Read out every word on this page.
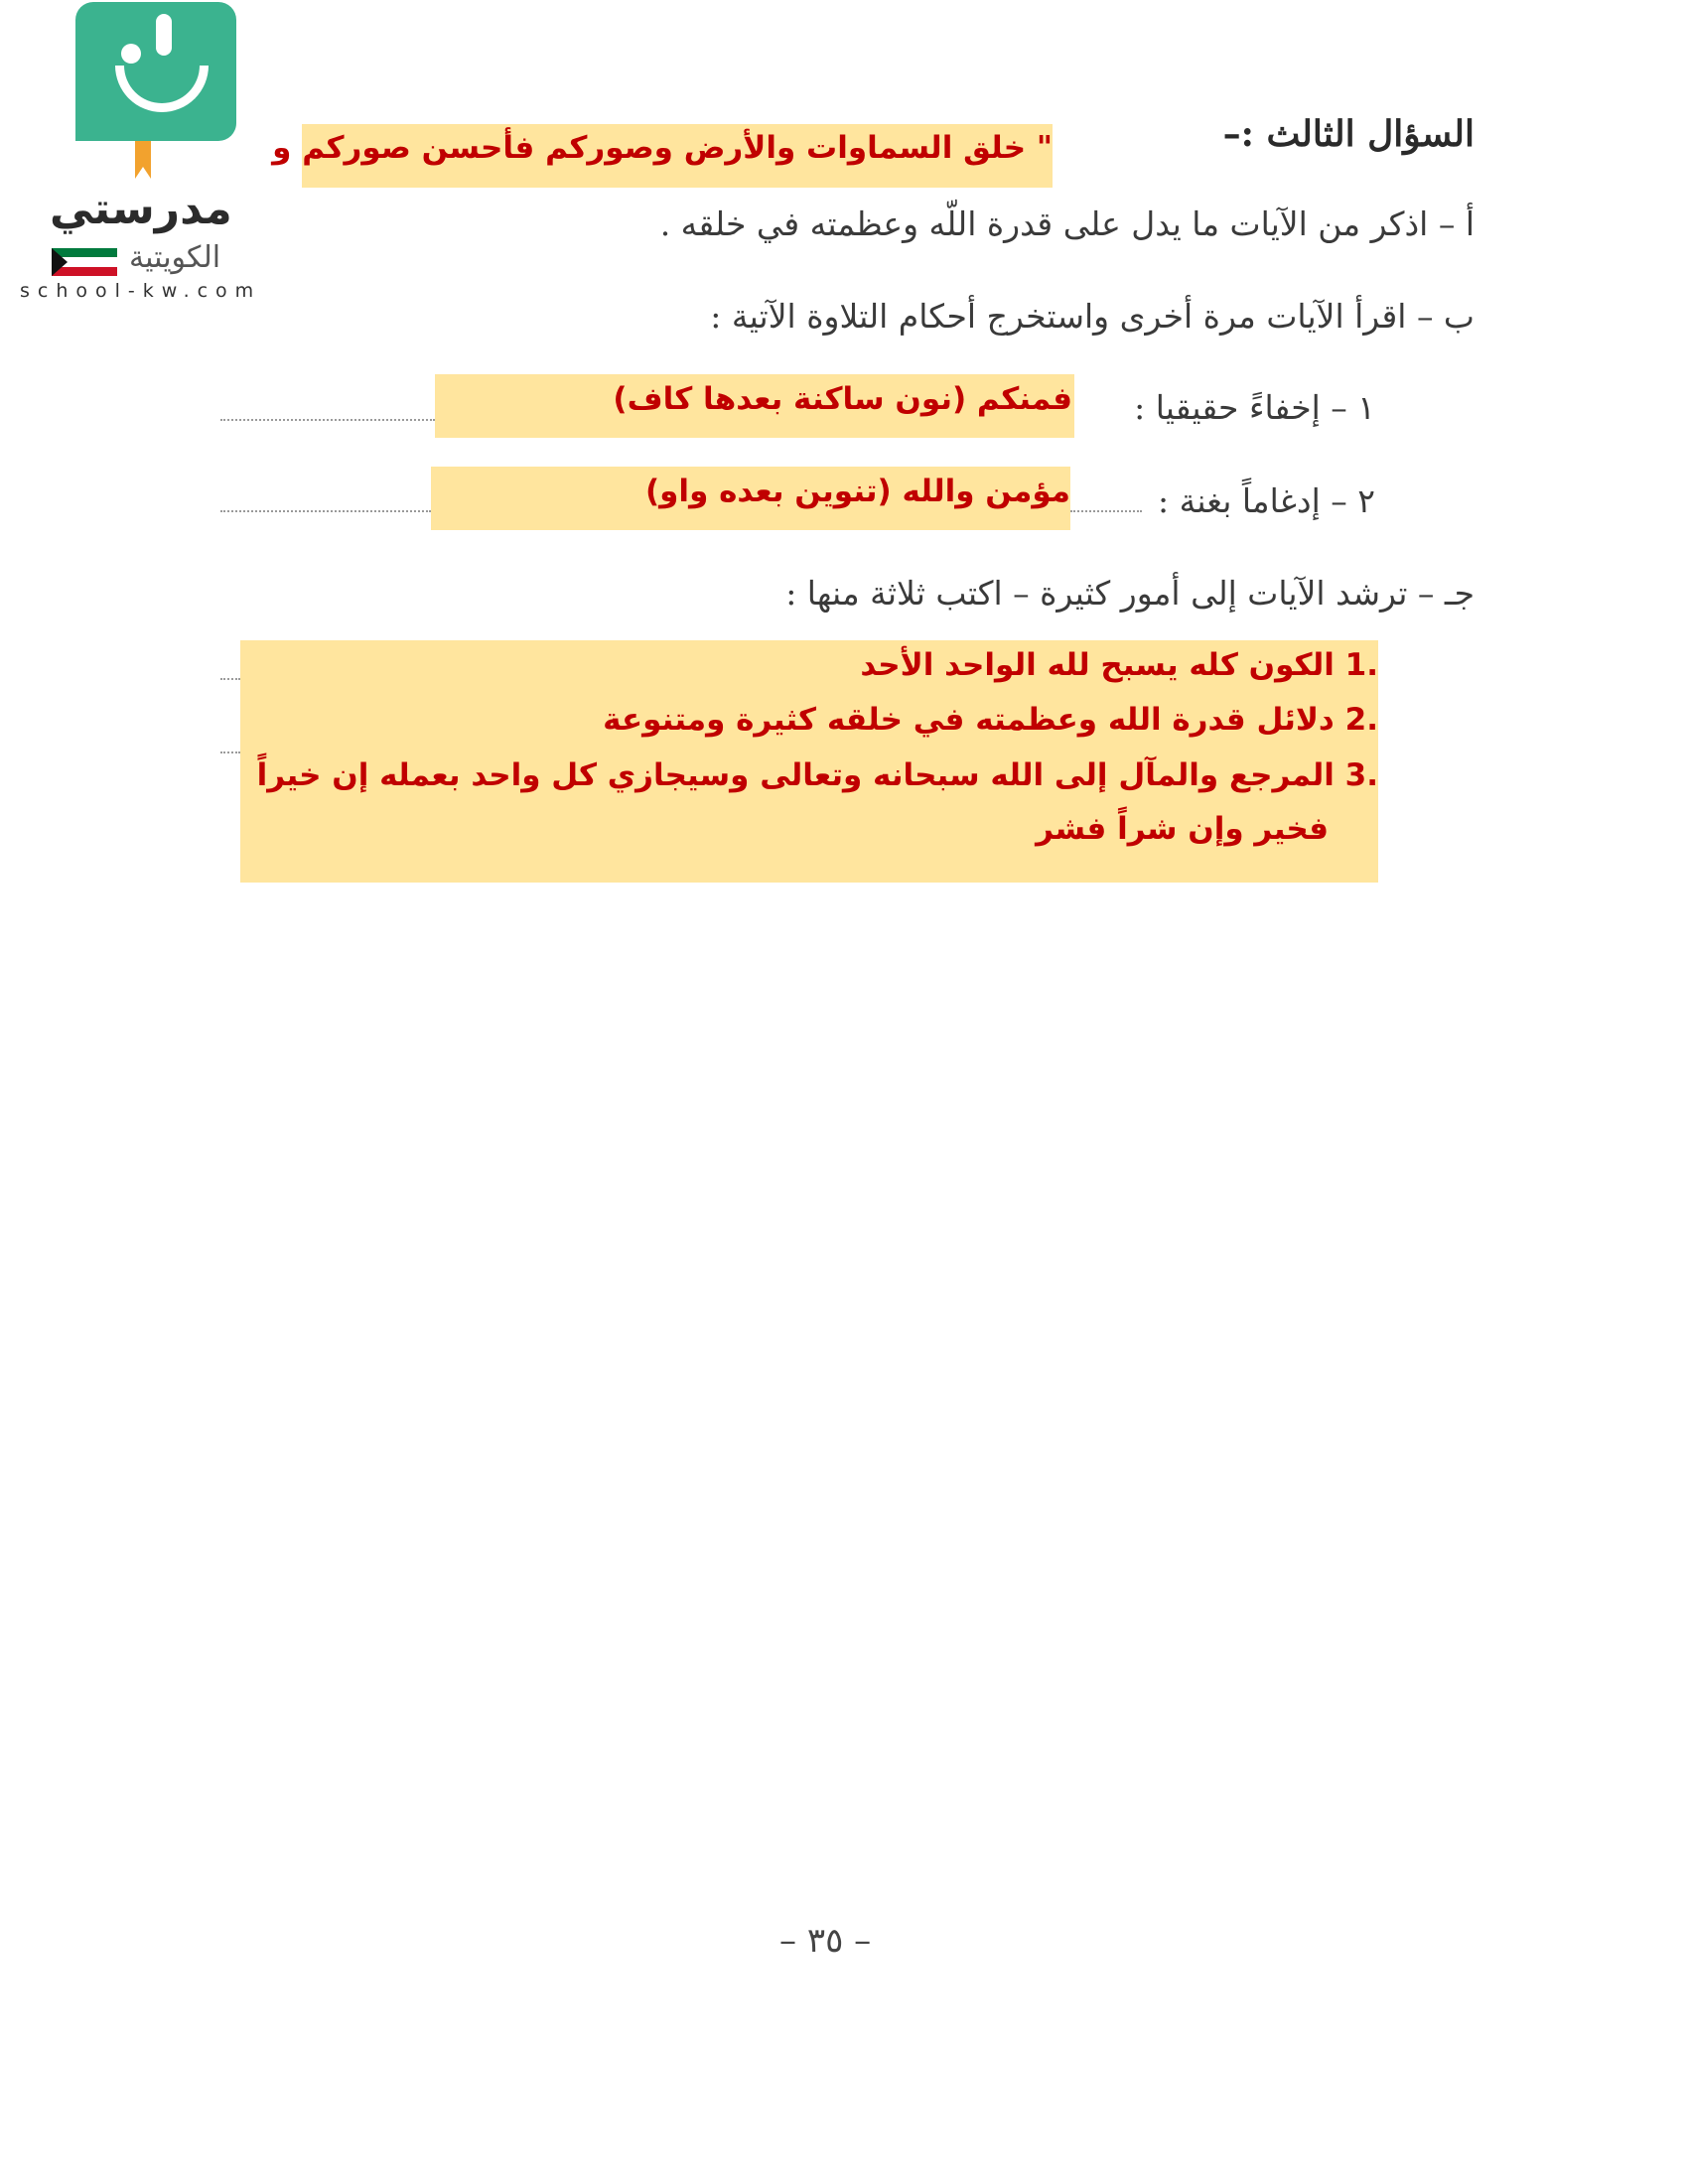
مدرستي
الكويتية
school-kw.com
السؤال الثالث :–
" خلق السماوات والأرض وصوركم فأحسن صوركم و
أ – اذكر من الآيات ما يدل على قدرة اللّه وعظمته في خلقه .
ب – اقرأ الآيات مرة أخرى واستخرج أحكام التلاوة الآتية :
فمنكم (نون ساكنة بعدها كاف) ١ – إخفاءً حقيقيا :
مؤمن والله (تنوين بعده واو)	٢ – إدغاماً بغنة :
جـ – ترشد الآيات إلى أمور كثيرة – اكتب ثلاثة منها :
.1 الكون كله يسبح لله الواحد الأحد
.2 دلائل قدرة الله وعظمته في خلقه كثيرة ومتنوعة
.3 المرجع والمآل إلى الله سبحانه وتعالى وسيجازي كل واحد بعمله إن خيراً
فخير وإن شراً فشر
– ٣٥ –
